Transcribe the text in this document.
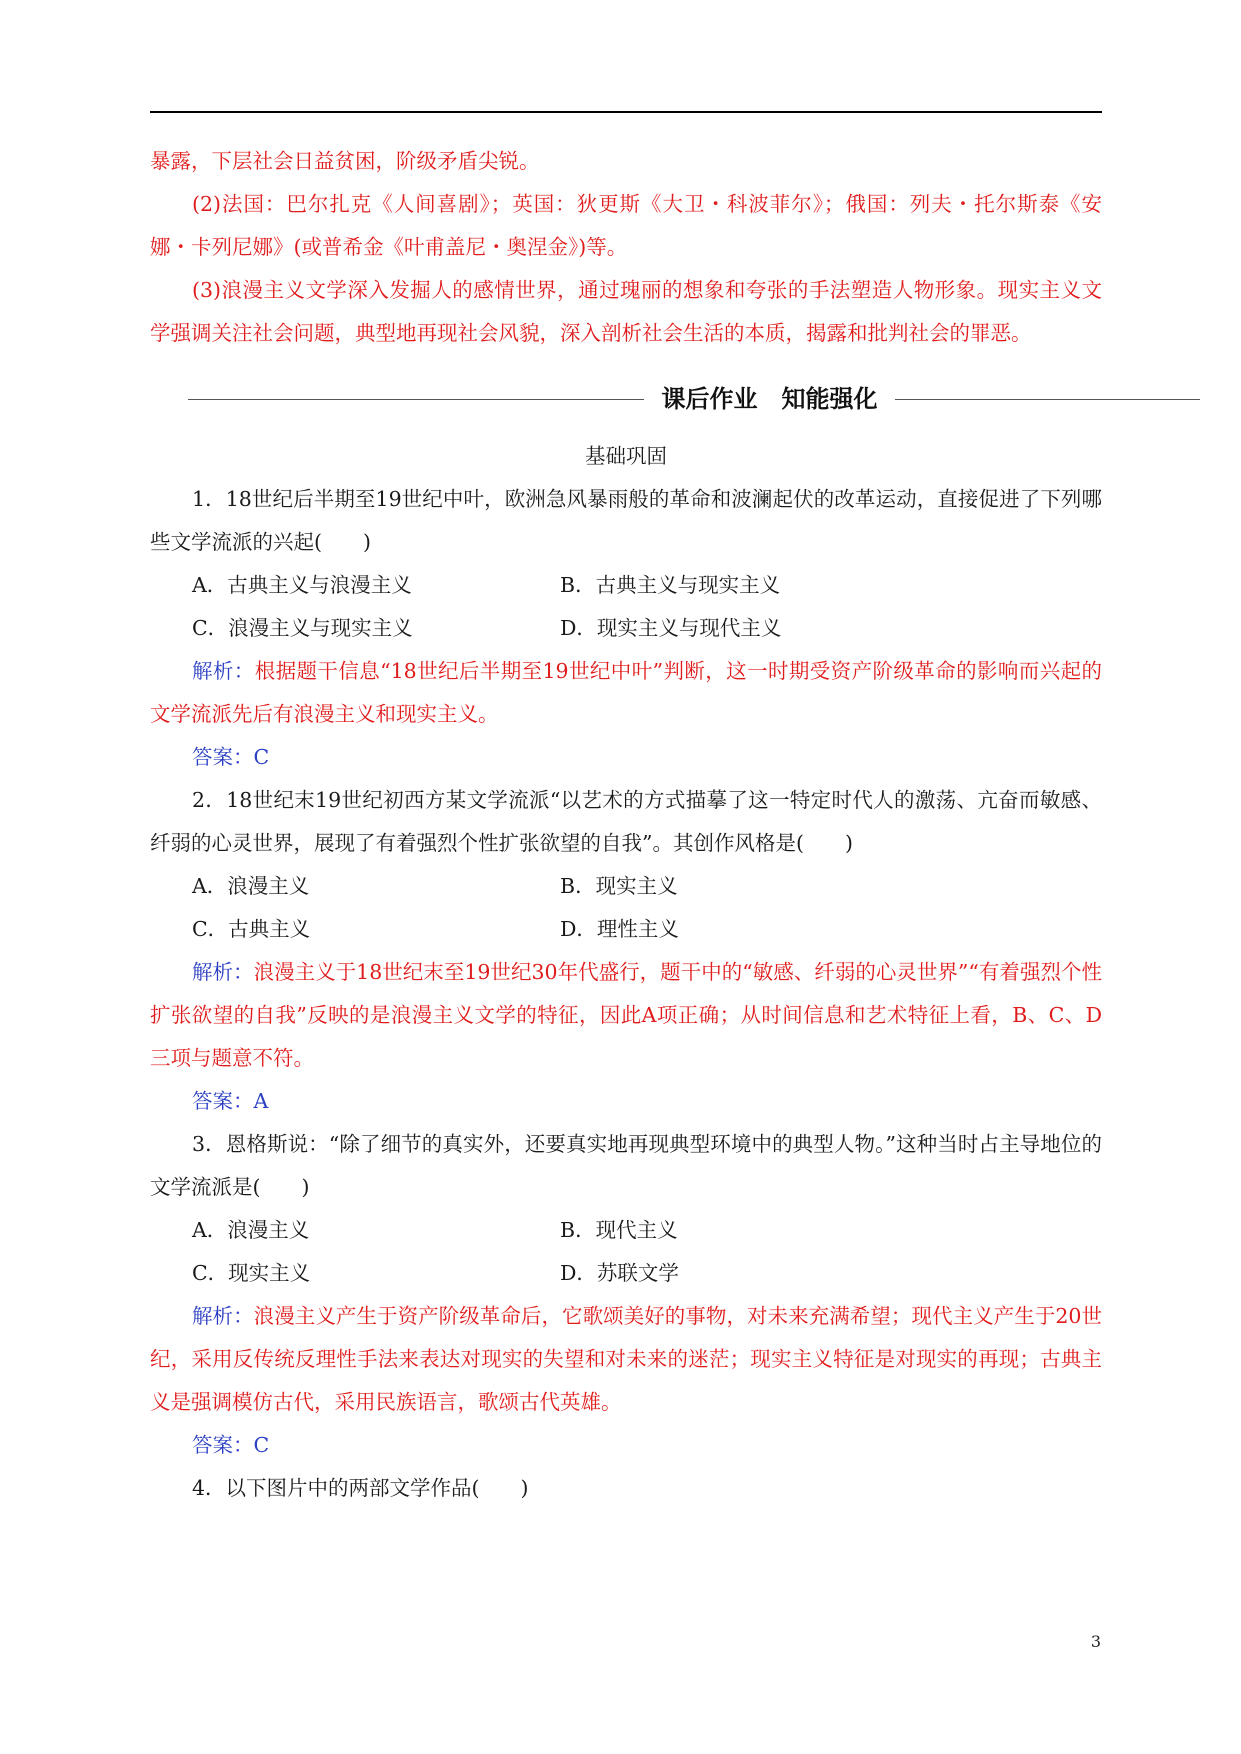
暴露，下层社会日益贫困，阶级矛盾尖锐。

(2)法国：巴尔扎克《人间喜剧》；英国：狄更斯《大卫・科波菲尔》；俄国：列夫・托尔斯泰《安娜・卡列尼娜》(或普希金《叶甫盖尼・奥涅金》)等。

(3)浪漫主义文学深入发掘人的感情世界，通过瑰丽的想象和夸张的手法塑造人物形象。现实主义文学强调关注社会问题，典型地再现社会风貌，深入剖析社会生活的本质，揭露和批判社会的罪恶。

课后作业　知能强化

基础巩固

1．18世纪后半期至19世纪中叶，欧洲急风暴雨般的革命和波澜起伏的改革运动，直接促进了下列哪些文学流派的兴起(　　)

A．古典主义与浪漫主义	B．古典主义与现实主义
C．浪漫主义与现实主义	D．现实主义与现代主义

解析：根据题干信息“18世纪后半期至19世纪中叶”判断，这一时期受资产阶级革命的影响而兴起的文学流派先后有浪漫主义和现实主义。

答案：C

2．18世纪末19世纪初西方某文学流派“以艺术的方式描摹了这一特定时代人的激荡、亢奋而敏感、纤弱的心灵世界，展现了有着强烈个性扩张欲望的自我”。其创作风格是(　　)

A．浪漫主义	B．现实主义
C．古典主义	D．理性主义

解析：浪漫主义于18世纪末至19世纪30年代盛行，题干中的“敏感、纤弱的心灵世界”“有着强烈个性扩张欲望的自我”反映的是浪漫主义文学的特征，因此A项正确；从时间信息和艺术特征上看，B、C、D三项与题意不符。

答案：A

3．恩格斯说：“除了细节的真实外，还要真实地再现典型环境中的典型人物。”这种当时占主导地位的文学流派是(　　)

A．浪漫主义	B．现代主义
C．现实主义	D．苏联文学

解析：浪漫主义产生于资产阶级革命后，它歌颂美好的事物，对未来充满希望；现代主义产生于20世纪，采用反传统反理性手法来表达对现实的失望和对未来的迷茫；现实主义特征是对现实的再现；古典主义是强调模仿古代，采用民族语言，歌颂古代英雄。

答案：C

4．以下图片中的两部文学作品(　　)

3
